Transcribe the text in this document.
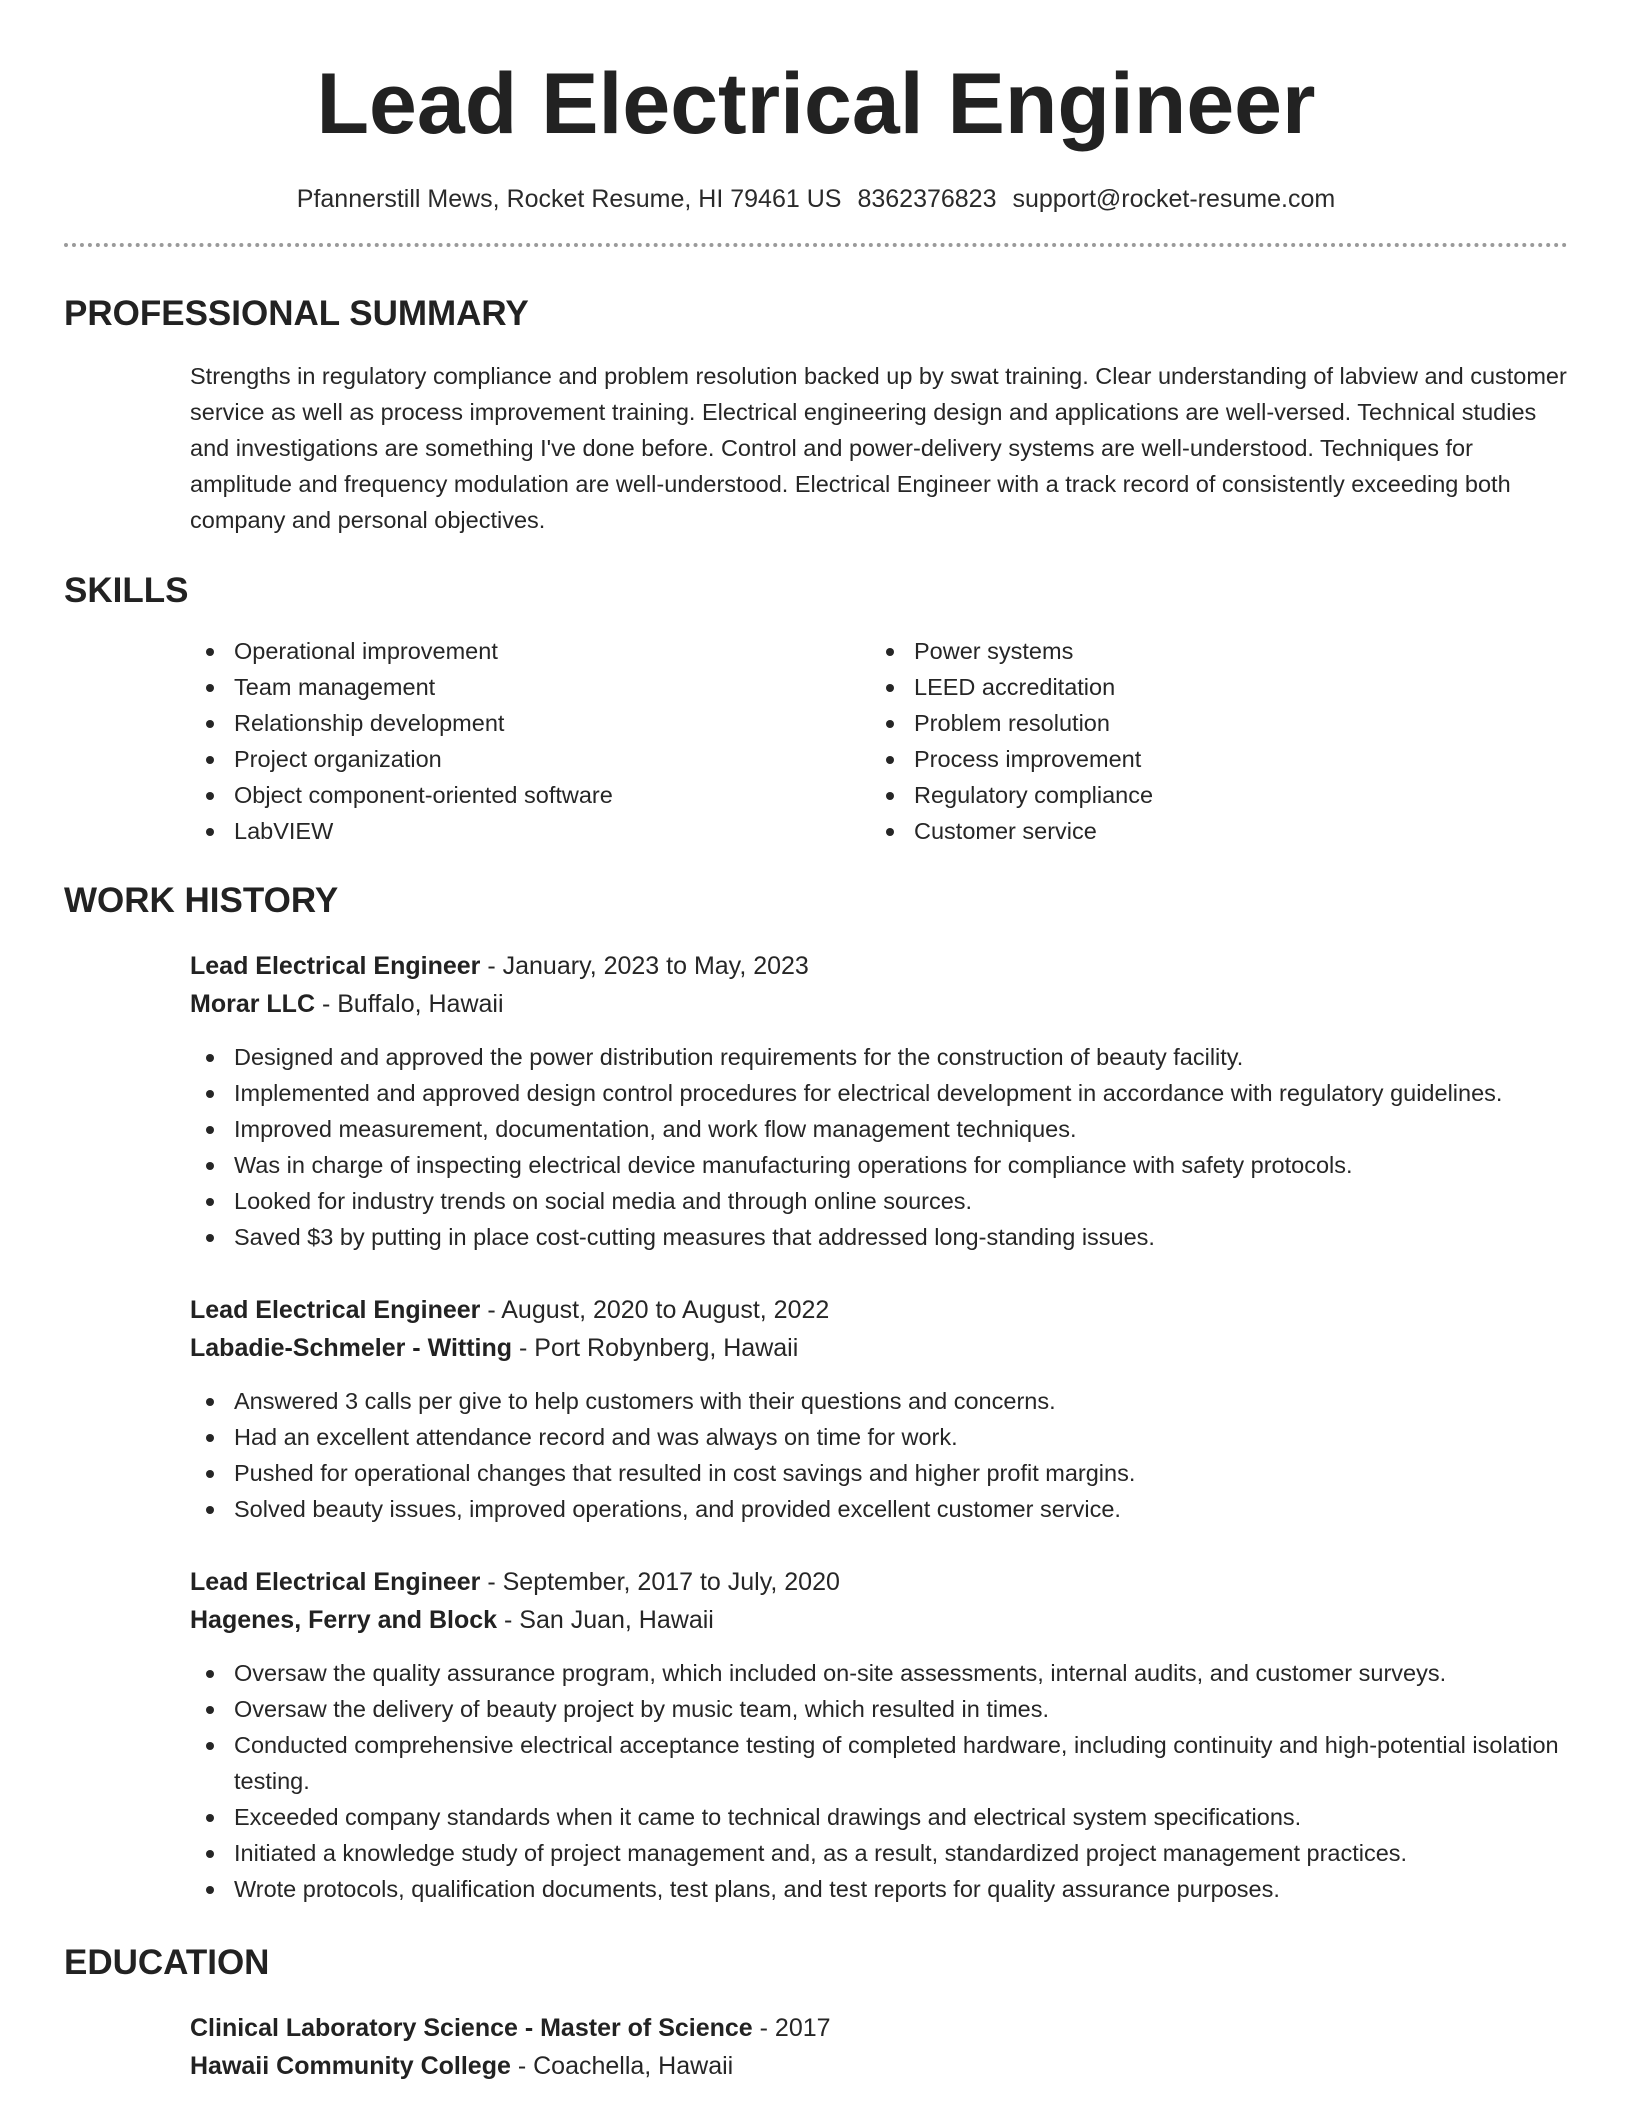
Lead Electrical Engineer
Pfannerstill Mews, Rocket Resume, HI 79461 US 8362376823 support@rocket-resume.com
PROFESSIONAL SUMMARY
Strengths in regulatory compliance and problem resolution backed up by swat training. Clear understanding of labview and customer service as well as process improvement training. Electrical engineering design and applications are well-versed. Technical studies and investigations are something I've done before. Control and power-delivery systems are well-understood. Techniques for amplitude and frequency modulation are well-understood. Electrical Engineer with a track record of consistently exceeding both company and personal objectives.
SKILLS
Operational improvement
Team management
Relationship development
Project organization
Object component-oriented software
LabVIEW
Power systems
LEED accreditation
Problem resolution
Process improvement
Regulatory compliance
Customer service
WORK HISTORY
Lead Electrical Engineer - January, 2023 to May, 2023
Morar LLC - Buffalo, Hawaii
Designed and approved the power distribution requirements for the construction of beauty facility.
Implemented and approved design control procedures for electrical development in accordance with regulatory guidelines.
Improved measurement, documentation, and work flow management techniques.
Was in charge of inspecting electrical device manufacturing operations for compliance with safety protocols.
Looked for industry trends on social media and through online sources.
Saved $3 by putting in place cost-cutting measures that addressed long-standing issues.
Lead Electrical Engineer - August, 2020 to August, 2022
Labadie-Schmeler - Witting - Port Robynberg, Hawaii
Answered 3 calls per give to help customers with their questions and concerns.
Had an excellent attendance record and was always on time for work.
Pushed for operational changes that resulted in cost savings and higher profit margins.
Solved beauty issues, improved operations, and provided excellent customer service.
Lead Electrical Engineer - September, 2017 to July, 2020
Hagenes, Ferry and Block - San Juan, Hawaii
Oversaw the quality assurance program, which included on-site assessments, internal audits, and customer surveys.
Oversaw the delivery of beauty project by music team, which resulted in times.
Conducted comprehensive electrical acceptance testing of completed hardware, including continuity and high-potential isolation testing.
Exceeded company standards when it came to technical drawings and electrical system specifications.
Initiated a knowledge study of project management and, as a result, standardized project management practices.
Wrote protocols, qualification documents, test plans, and test reports for quality assurance purposes.
EDUCATION
Clinical Laboratory Science - Master of Science - 2017
Hawaii Community College - Coachella, Hawaii
